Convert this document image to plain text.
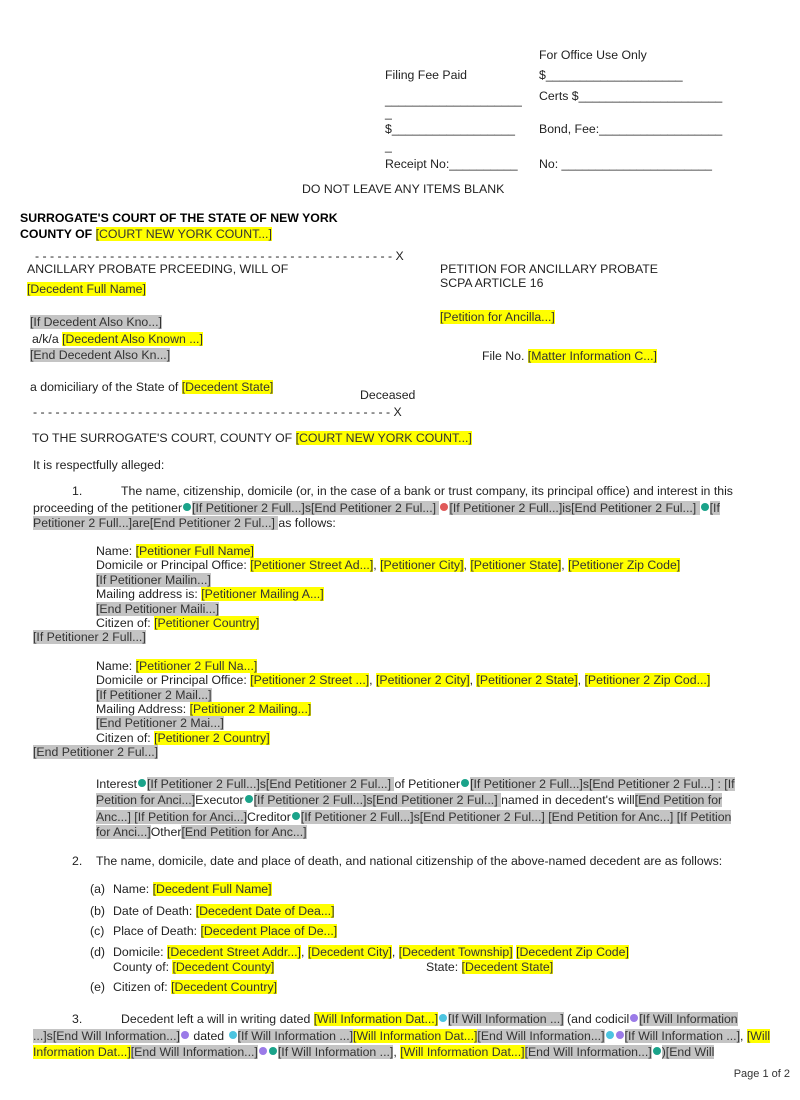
For Office Use Only
Filing Fee Paid	$____________________
____________________ Certs $_____________________
_
$__________________ Bond, Fee:__________________
_
Receipt No:__________ No: ______________________
DO NOT LEAVE ANY ITEMS BLANK
SURROGATE'S COURT OF THE STATE OF NEW YORK
COUNTY OF [COURT NEW YORK COUNT...]
- - - - - - - - - - - - - - - - - - - - - - - - - - - - - - - - - - - - - - - - - - - - - - - - X
ANCILLARY PROBATE PRCEEDING, WILL OF	PETITION FOR ANCILLARY PROBATE
SCPA ARTICLE 16
[Decedent Full Name]
[If Decedent Also Kno...]	[Petition for Ancilla...]
a/k/a [Decedent Also Known ...]
[End Decedent Also Kn...]	File No. [Matter Information C...]
a domiciliary of the State of [Decedent State]
Deceased
- - - - - - - - - - - - - - - - - - - - - - - - - - - - - - - - - - - - - - - - - - - - - - - - X
TO THE SURROGATE'S COURT, COUNTY OF [COURT NEW YORK COUNT...]
It is respectfully alleged:
1.	The name, citizenship, domicile (or, in the case of a bank or trust company, its principal office) and interest in this
proceeding of the petitioner [If Petitioner 2 Full...]s[End Petitioner 2 Ful...] [If Petitioner 2 Full...]is[End Petitioner 2 Ful...] [If
Petitioner 2 Full...]are[End Petitioner 2 Ful...] as follows:
Name: [Petitioner Full Name]
Domicile or Principal Office: [Petitioner Street Ad...], [Petitioner City], [Petitioner State], [Petitioner Zip Code]
[If Petitioner Mailin...]
Mailing address is: [Petitioner Mailing A...]
[End Petitioner Maili...]
Citizen of: [Petitioner Country]
[If Petitioner 2 Full...]
Name: [Petitioner 2 Full Na...]
Domicile or Principal Office: [Petitioner 2 Street ...], [Petitioner 2 City], [Petitioner 2 State], [Petitioner 2 Zip Cod...]
[If Petitioner 2 Mail...]
Mailing Address: [Petitioner 2 Mailing...]
[End Petitioner 2 Mai...]
Citizen of: [Petitioner 2 Country]
[End Petitioner 2 Ful...]
Interest [If Petitioner 2 Full...]s[End Petitioner 2 Ful...] of Petitioner [If Petitioner 2 Full...]s[End Petitioner 2 Ful...] : [If
Petition for Anci...]Executor [If Petitioner 2 Full...]s[End Petitioner 2 Ful...] named in decedent's will[End Petition for
Anc...] [If Petition for Anci...]Creditor [If Petitioner 2 Full...]s[End Petitioner 2 Ful...] [End Petition for Anc...] [If Petition
for Anci...]Other[End Petition for Anc...]
2. The name, domicile, date and place of death, and national citizenship of the above-named decedent are as follows:
(a) Name: [Decedent Full Name]
(b) Date of Death: [Decedent Date of Dea...]
(c) Place of Death: [Decedent Place of De...]
(d) Domicile: [Decedent Street Addr...], [Decedent City], [Decedent Township] [Decedent Zip Code]
County of: [Decedent County]	State: [Decedent State]
(e) Citizen of: [Decedent Country]
3.	Decedent left a will in writing dated [Will Information Dat...] [If Will Information ...] (and codicil [If Will Information
...]s[End Will Information...] dated [If Will Information ...][Will Information Dat...][End Will Information...] [If Will Information ...], [Will
Information Dat...][End Will Information...] [If Will Information ...], [Will Information Dat...][End Will Information...] )[End Will
Page 1 of 2
